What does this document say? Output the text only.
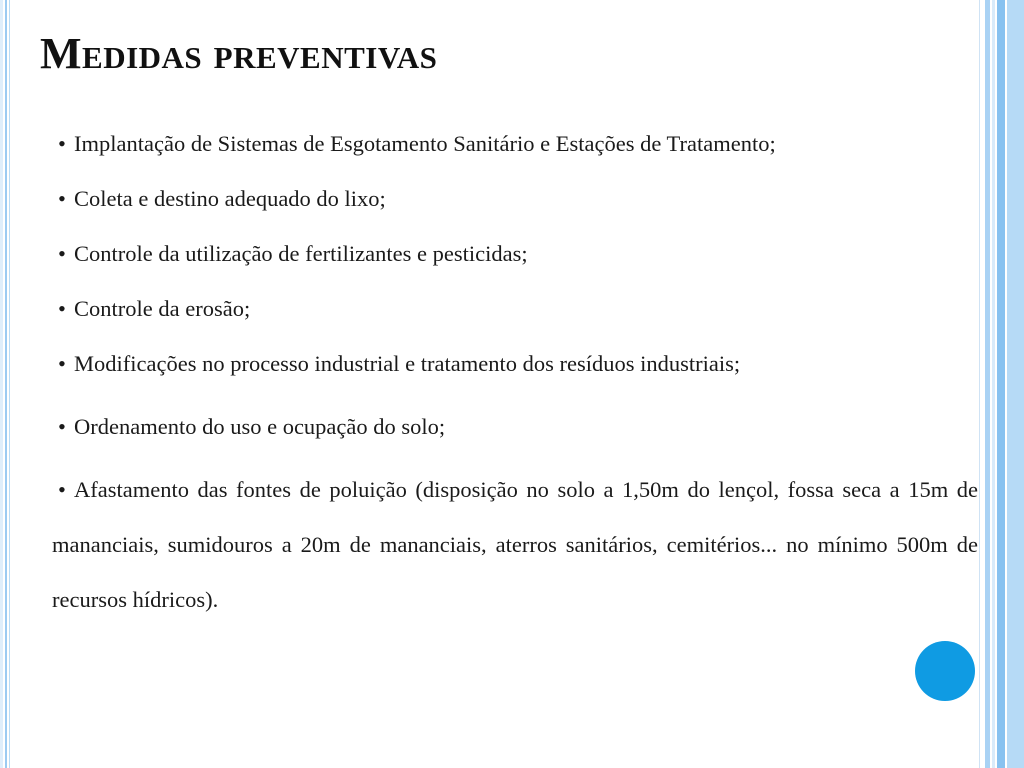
Medidas preventivas

• Implantação de Sistemas de Esgotamento Sanitário e Estações de Tratamento;

• Coleta e destino adequado do lixo;

• Controle da utilização de fertilizantes e pesticidas;

• Controle da erosão;

• Modificações no processo industrial e tratamento dos resíduos industriais;

• Ordenamento do uso e ocupação do solo;

• Afastamento das fontes de poluição (disposição no solo a 1,50m do lençol, fossa seca a 15m de mananciais, sumidouros a 20m de mananciais, aterros sanitários, cemitérios... no mínimo 500m de recursos hídricos).
